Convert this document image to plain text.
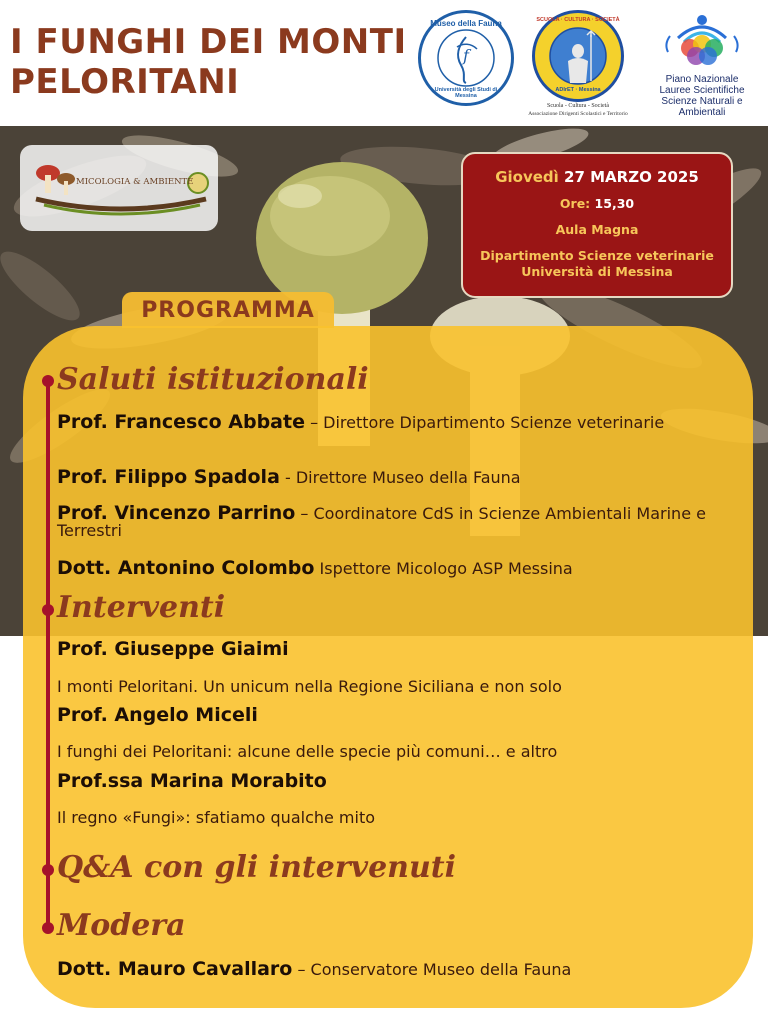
I FUNGHI DEI MONTI
PELORITANI
f
Museo della Fauna
Università degli Studi di Messina
SCUOLA · CULTURA · SOCIETÀ
ADIrET · Messina
Scuola - Cultura - Società
Associazione Dirigenti Scolastici e Territorio
Piano Nazionale
Lauree Scientifiche
Scienze Naturali e Ambientali
MICOLOGIA & AMBIENTE	Giovedì 27 MARZO 2025
Ore: 15,30
Aula Magna
Dipartimento Scienze veterinarie
Università di Messina
PROGRAMMA
Saluti istituzionali

Prof. Francesco Abbate – Direttore Dipartimento Scienze veterinarie

Prof. Filippo Spadola - Direttore Museo della Fauna

Prof. Vincenzo Parrino – Coordinatore CdS in Scienze Ambientali Marine e Terrestri

Dott. Antonino Colombo Ispettore Micologo ASP Messina

Interventi

Prof. Giuseppe Giaimi

I monti Peloritani. Un unicum nella Regione Siciliana e non solo

Prof. Angelo Miceli

I funghi dei Peloritani: alcune delle specie più comuni… e altro

Prof.ssa Marina Morabito

Il regno «Fungi»: sfatiamo qualche mito

Q&A con gli intervenuti
Modera

Dott. Mauro Cavallaro – Conservatore Museo della Fauna
